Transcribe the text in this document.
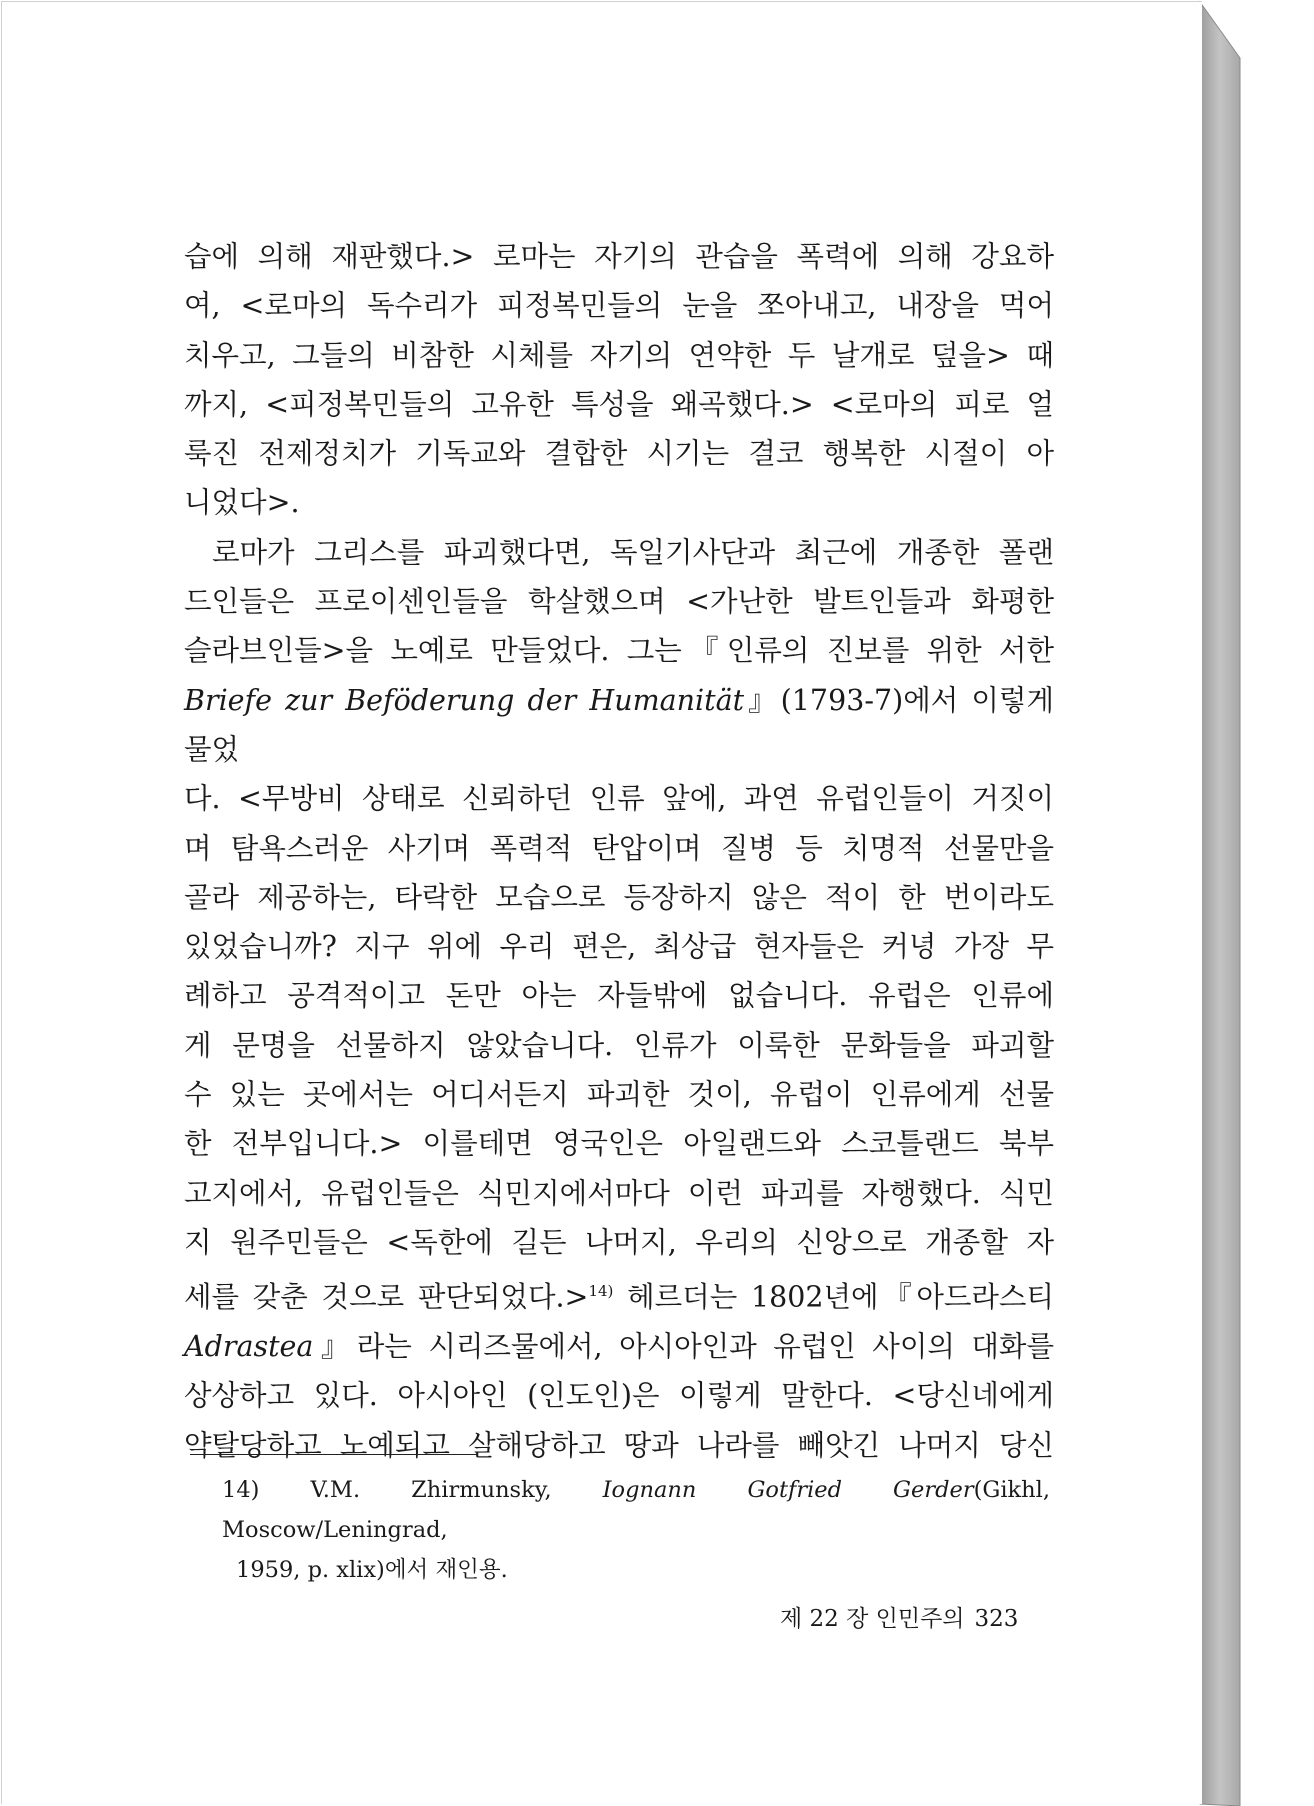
습에 의해 재판했다.> 로마는 자기의 관습을 폭력에 의해 강요하

여, <로마의 독수리가 피정복민들의 눈을 쪼아내고, 내장을 먹어

치우고, 그들의 비참한 시체를 자기의 연약한 두 날개로 덮을> 때

까지, <피정복민들의 고유한 특성을 왜곡했다.> <로마의 피로 얼

룩진 전제정치가 기독교와 결합한 시기는 결코 행복한 시절이 아

니었다>.

로마가 그리스를 파괴했다면, 독일기사단과 최근에 개종한 폴랜

드인들은 프로이센인들을 학살했으며 <가난한 발트인들과 화평한

슬라브인들>을 노예로 만들었다. 그는『인류의 진보를 위한 서한

Briefe zur Beföderung der Humanität』(1793-7)에서 이렇게 물었

다. <무방비 상태로 신뢰하던 인류 앞에, 과연 유럽인들이 거짓이

며 탐욕스러운 사기며 폭력적 탄압이며 질병 등 치명적 선물만을

골라 제공하는, 타락한 모습으로 등장하지 않은 적이 한 번이라도

있었습니까? 지구 위에 우리 편은, 최상급 현자들은 커녕 가장 무

례하고 공격적이고 돈만 아는 자들밖에 없습니다. 유럽은 인류에

게 문명을 선물하지 않았습니다. 인류가 이룩한 문화들을 파괴할

수 있는 곳에서는 어디서든지 파괴한 것이, 유럽이 인류에게 선물

한 전부입니다.> 이를테면 영국인은 아일랜드와 스코틀랜드 북부

고지에서, 유럽인들은 식민지에서마다 이런 파괴를 자행했다. 식민

지 원주민들은 <독한에 길든 나머지, 우리의 신앙으로 개종할 자

세를 갖춘 것으로 판단되었다.>$^{14)}$ 헤르더는 1802년에『아드라스티

Adrastea』라는 시리즈물에서, 아시아인과 유럽인 사이의 대화를

상상하고 있다. 아시아인 (인도인)은 이렇게 말한다. <당신네에게

약탈당하고 노예되고 살해당하고 땅과 나라를 빼앗긴 나머지 당신

14) V.M. Zhirmunsky, Iognann Gotfried Gerder(Gikhl, Moscow/Leningrad,

1959, p. xlix)에서 재인용.

제 22 장 인민주의 323
